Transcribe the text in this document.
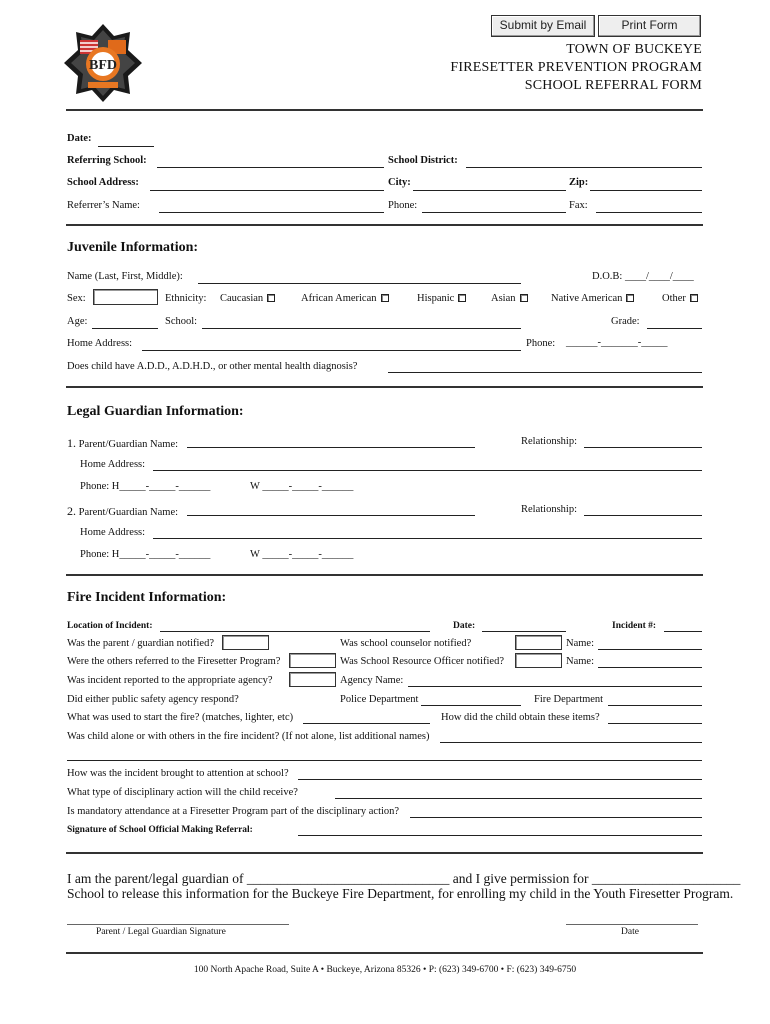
Submit by Email	Print Form
BFD
TOWN OF BUCKEYE
FIRESETTER PREVENTION PROGRAM
SCHOOL REFERRAL FORM
Date:
Referring School:	School District:
School Address:	City:	Zip:
Referrer’s Name:	Phone:	Fax:
Juvenile Information:
Name (Last, First, Middle):	D.O.B: ____/____/____
Sex:	Ethnicity: Caucasian	African American	Hispanic	Asian	Native American	Other
Age:	School:	Grade:
Home Address:	Phone: ______-_______-_____
Does child have A.D.D., A.D.H.D., or other mental health diagnosis?
Legal Guardian Information:
1. Parent/Guardian Name:	Relationship:
Home Address:
Phone: H_____-_____-______	W _____-_____-______
2. Parent/Guardian Name:	Relationship:
Home Address:
Phone: H_____-_____-______	W _____-_____-______
Fire Incident Information:
Location of Incident:	Date:	Incident #:
Was the parent / guardian notified?	Was school counselor notified?	Name:
Were the others referred to the Firesetter Program?	Was School Resource Officer notified?	Name:
Was incident reported to the appropriate agency?	Agency Name:
Did either public safety agency respond?	Police Department	Fire Department
What was used to start the fire? (matches, lighter, etc)	How did the child obtain these items?
Was child alone or with others in the fire incident? (If not alone, list additional names)
How was the incident brought to attention at school?
What type of disciplinary action will the child receive?
Is mandatory attendance at a Firesetter Program part of the disciplinary action?
Signature of School Official Making Referral:
I am the parent/legal guardian of ______________________________ and I give permission for ______________________
School to release this information for the Buckeye Fire Department, for enrolling my child in the Youth Firesetter Program.
Parent / Legal Guardian Signature	Date
100 North Apache Road, Suite A • Buckeye, Arizona 85326 • P: (623) 349-6700 • F: (623) 349-6750
